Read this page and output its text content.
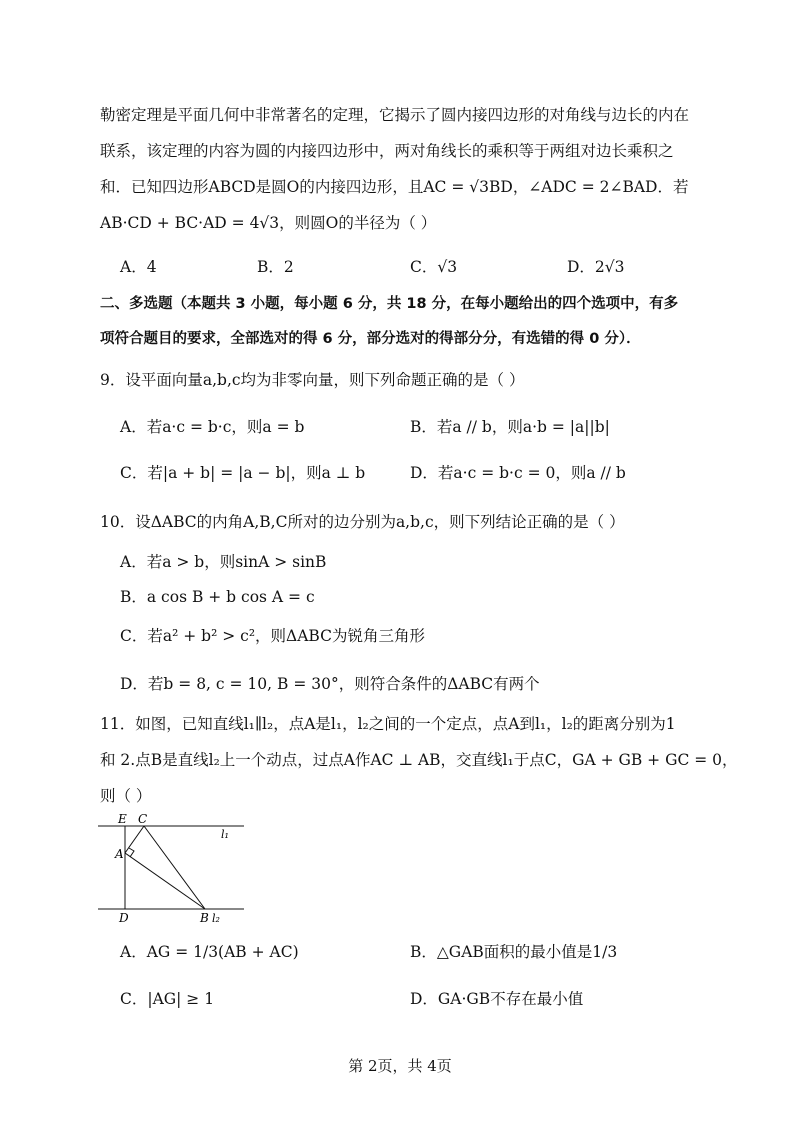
勒密定理是平面几何中非常著名的定理，它揭示了圆内接四边形的对角线与边长的内在
联系，该定理的内容为圆的内接四边形中，两对角线长的乘积等于两组对边长乘积之
和．已知四边形ABCD是圆O的内接四边形，且AC = √3BD，∠ADC = 2∠BAD．若
AB·CD + BC·AD = 4√3，则圆O的半径为（ ）
A．4	B．2	C．√3	D．2√3
二、多选题（本题共 3 小题，每小题 6 分，共 18 分，在每小题给出的四个选项中，有多
项符合题目的要求，全部选对的得 6 分，部分选对的得部分分，有选错的得 0 分）．
9．设平面向量a,b,c均为非零向量，则下列命题正确的是（ ）
A．若a·c = b·c，则a = b	B．若a // b，则a·b = |a||b|
C．若|a + b| = |a − b|，则a ⊥ b	D．若a·c = b·c = 0，则a // b
10．设ΔABC的内角A,B,C所对的边分别为a,b,c，则下列结论正确的是（ ）
A．若a > b，则sinA > sinB
B．a cos B + b cos A = c
C．若a² + b² > c²，则ΔABC为锐角三角形
D．若b = 8, c = 10, B = 30°，则符合条件的ΔABC有两个
11．如图，已知直线l₁∥l₂，点A是l₁，l₂之间的一个定点，点A到l₁，l₂的距离分别为1
和 2.点B是直线l₂上一个动点，过点A作AC ⊥ AB，交直线l₁于点C，GA + GB + GC = 0，
则（ ）
E C
A
D	B
l₁
l₂
A．AG = 1/3(AB + AC)	B．△GAB面积的最小值是1/3
C．|AG| ≥ 1	D．GA·GB不存在最小值
第 2页，共 4页
